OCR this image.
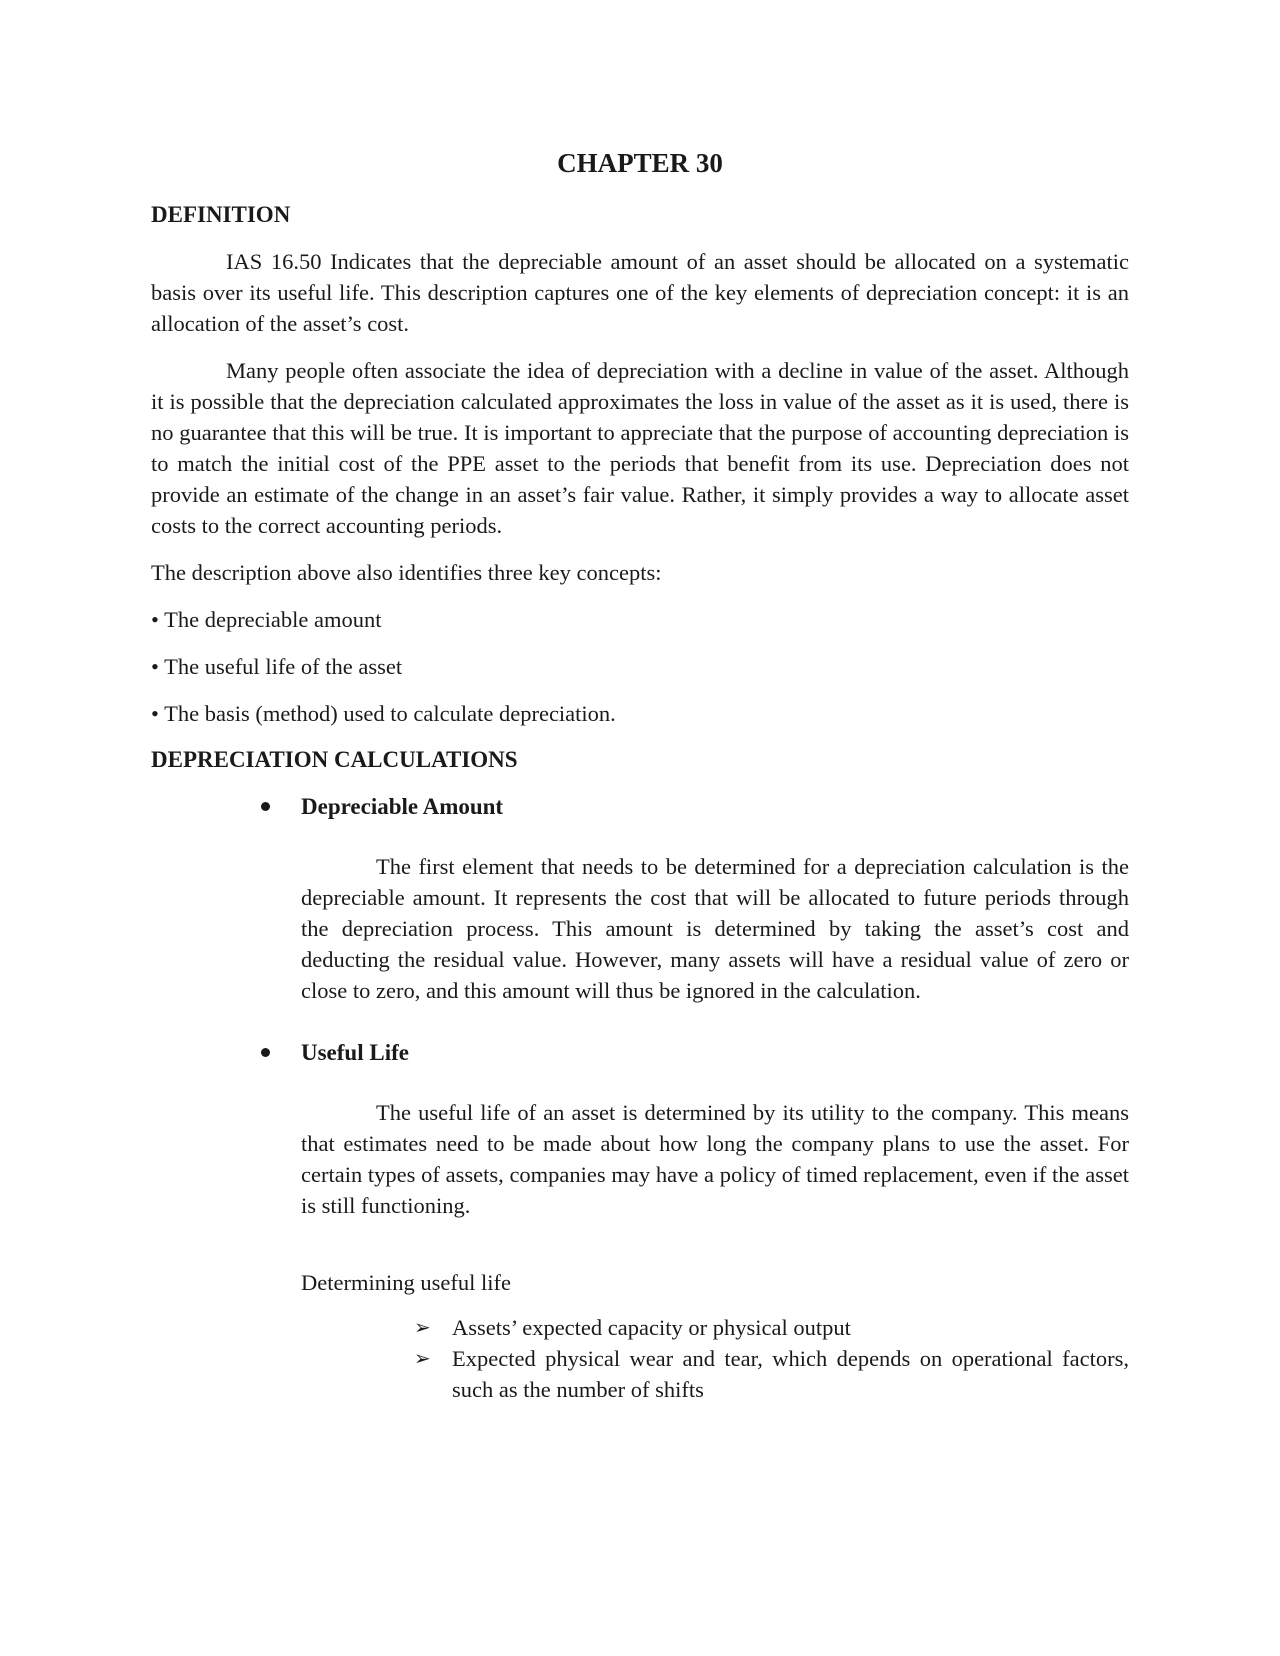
CHAPTER 30
DEFINITION

IAS 16.50 Indicates that the depreciable amount of an asset should be allocated on a systematic basis over its useful life. This description captures one of the key elements of depreciation concept: it is an allocation of the asset’s cost.

Many people often associate the idea of depreciation with a decline in value of the asset. Although it is possible that the depreciation calculated approximates the loss in value of the asset as it is used, there is no guarantee that this will be true. It is important to appreciate that the purpose of accounting depreciation is to match the initial cost of the PPE asset to the periods that benefit from its use. Depreciation does not provide an estimate of the change in an asset’s fair value. Rather, it simply provides a way to allocate asset costs to the correct accounting periods.

The description above also identifies three key concepts:

• The depreciable amount

• The useful life of the asset

• The basis (method) used to calculate depreciation.

DEPRECIATION CALCULATIONS
Depreciable Amount

The first element that needs to be determined for a depreciation calculation is the depreciable amount. It represents the cost that will be allocated to future periods through the depreciation process. This amount is determined by taking the asset’s cost and deducting the residual value. However, many assets will have a residual value of zero or close to zero, and this amount will thus be ignored in the calculation.

Useful Life

The useful life of an asset is determined by its utility to the company. This means that estimates need to be made about how long the company plans to use the asset. For certain types of assets, companies may have a policy of timed replacement, even if the asset is still functioning.

Determining useful life
➢ Assets’ expected capacity or physical output
➢ Expected physical wear and tear, which depends on operational factors, such as the number of shifts
